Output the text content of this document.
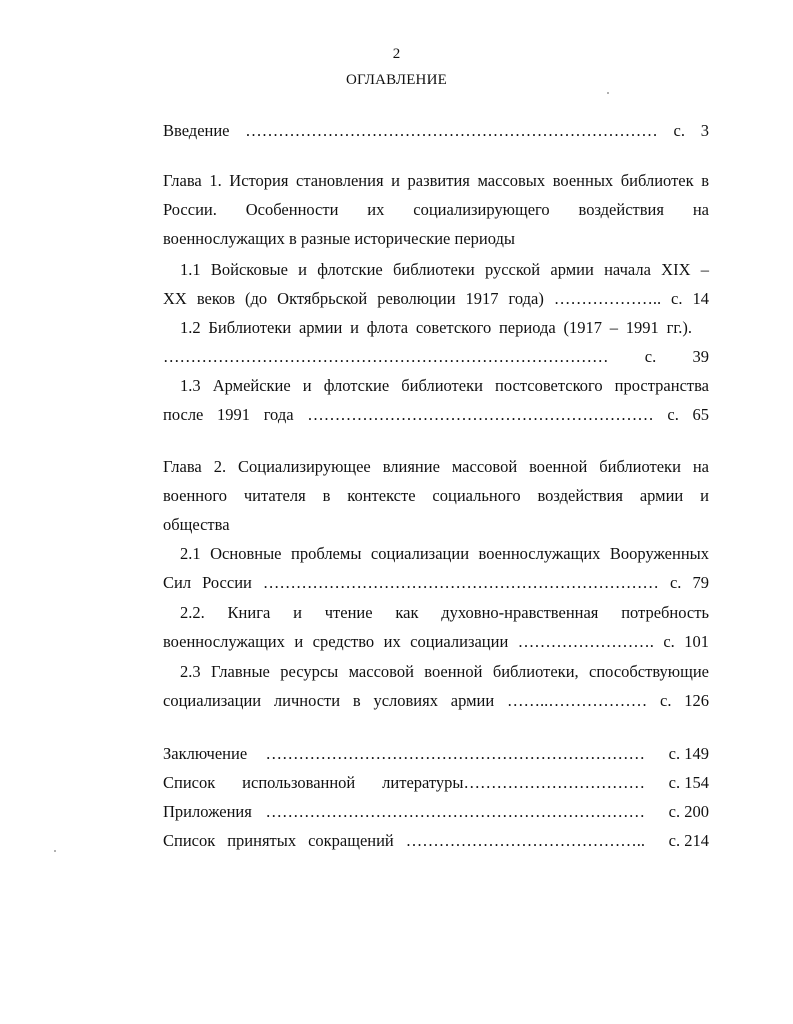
2
ОГЛАВЛЕНИЕ
Введение ………………………………………………………………… с. 3
Глава 1. История становления и развития массовых военных библиотек в
России. Особенности их социализирующего воздействия на
военнослужащих в разные исторические периоды
1.1 Войсковые и флотские библиотеки русской армии начала XIX –
XX веков (до Октябрьской революции 1917 года) ……………….. с. 14
1.2 Библиотеки армии и флота советского периода (1917 – 1991 гг.).
……………………………………………………………………… с. 39
1.3 Армейские и флотские библиотеки постсоветского пространства
после 1991 года ……………………………………………………… с. 65
Глава 2. Социализирующее влияние массовой военной библиотеки на
военного читателя в контексте социального воздействия армии и
общества
2.1 Основные проблемы социализации военнослужащих Вооруженных
Сил России ……………………………………………………………… с. 79
2.2. Книга и чтение как духовно-нравственная потребность
военнослужащих и средство их социализации ……………………. с. 101
2.3 Главные ресурсы массовой военной библиотеки, способствующие
социализации личности в условиях армии ……..……………… с. 126
Заключение ……………………………………………………………	с. 149
Список использованной литературы……………………………	с. 154
Приложения ……………………………………………………………	с. 200
Список принятых сокращений ……………………………………..	с. 214
